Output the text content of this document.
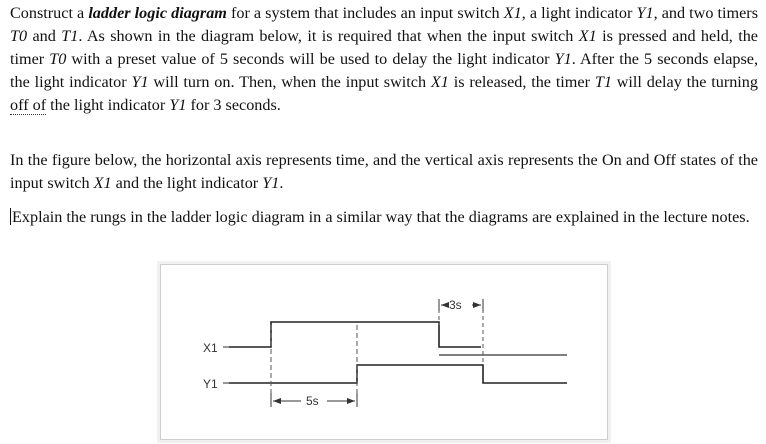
Construct a ladder logic diagram for a system that includes an input switch X1, a light indicator Y1, and two timers T0 and T1. As shown in the diagram below, it is required that when the input switch X1 is pressed and held, the timer T0 with a preset value of 5 seconds will be used to delay the light indicator Y1. After the 5 seconds elapse, the light indicator Y1 will turn on. Then, when the input switch X1 is released, the timer T1 will delay the turning off of the light indicator Y1 for 3 seconds.

In the figure below, the horizontal axis represents time, and the vertical axis represents the On and Off states of the input switch X1 and the light indicator Y1.

Explain the rungs in the ladder logic diagram in a similar way that the diagrams are explained in the lecture notes.

X1
Y1
5s
3s
